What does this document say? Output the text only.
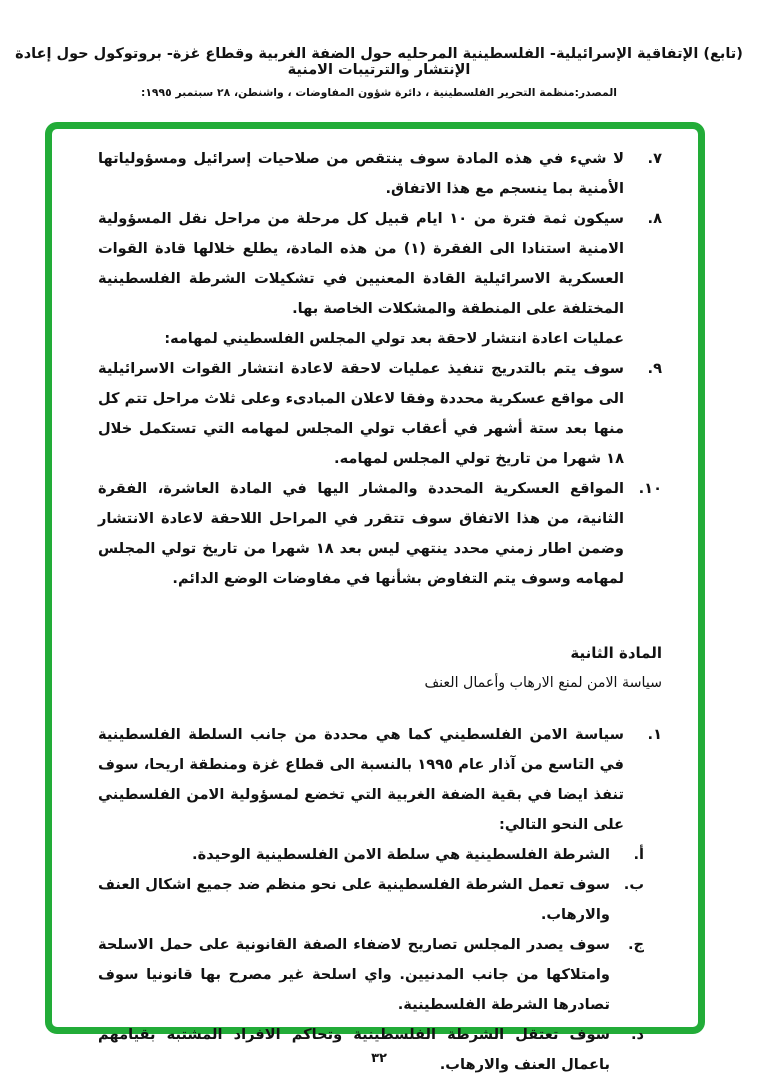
(تابع) الإتفاقية الإسرائيلية- الفلسطينية المرحليه حول الضفة الغربية وقطاع غزة- بروتوكول حول إعادة الإنتشار والترتيبات الامنية
المصدر:منظمة التحرير الفلسطينية ، دائرة شؤون المفاوضات ، واشنطن، ٢٨ سبتمبر ١٩٩٥:
٧.
لا شيء في هذه المادة سوف ينتقص من صلاحيات إسرائيل ومسؤولياتها الأمنية بما ينسجم مع هذا الاتفاق.
٨.
سيكون ثمة فترة من ١٠ ايام قبيل كل مرحلة من مراحل نقل المسؤولية الامنية استنادا الى الفقرة (١) من هذه المادة، يطلع خلالها قادة القوات العسكرية الاسرائيلية القادة المعنيين في تشكيلات الشرطة الفلسطينية المختلفة على المنطقة والمشكلات الخاصة بها.
عمليات اعادة انتشار لاحقة بعد تولي المجلس الفلسطيني لمهامه:
٩.
سوف يتم بالتدريج تنفيذ عمليات لاحقة لاعادة انتشار القوات الاسرائيلية الى مواقع عسكرية محددة وفقا لاعلان المبادىء وعلى ثلاث مراحل تتم كل منها بعد ستة أشهر في أعقاب تولي المجلس لمهامه التي تستكمل خلال ١٨ شهرا من تاريخ تولي المجلس لمهامه.
١٠.
المواقع العسكرية المحددة والمشار اليها في المادة العاشرة، الفقرة الثانية، من هذا الاتفاق سوف تتقرر في المراحل اللاحقة لاعادة الانتشار وضمن اطار زمني محدد ينتهي ليس بعد ١٨ شهرا من تاريخ تولي المجلس لمهامه وسوف يتم التفاوض بشأنها في مفاوضات الوضع الدائم.
المادة الثانية
سياسة الامن لمنع الارهاب وأعمال العنف
١.
سياسة الامن الفلسطيني كما هي محددة من جانب السلطة الفلسطينية في التاسع من آذار عام ١٩٩٥ بالنسبة الى قطاع غزة ومنطقة اريحا، سوف تنفذ ايضا في بقية الضفة الغربية التي تخضع لمسؤولية الامن الفلسطيني على النحو التالي:
أ.
الشرطة الفلسطينية هي سلطة الامن الفلسطينية الوحيدة.
ب.
سوف تعمل الشرطة الفلسطينية على نحو منظم ضد جميع اشكال العنف والارهاب.
ج.
سوف يصدر المجلس تصاريح لاضفاء الصفة القانونية على حمل الاسلحة وامتلاكها من جانب المدنيين. واي اسلحة غير مصرح بها قانونيا سوف تصادرها الشرطة الفلسطينية.
د.
سوف تعتقل الشرطة الفلسطينية وتحاكم الافراد المشتبه بقيامهم باعمال العنف والارهاب.
٣٢
